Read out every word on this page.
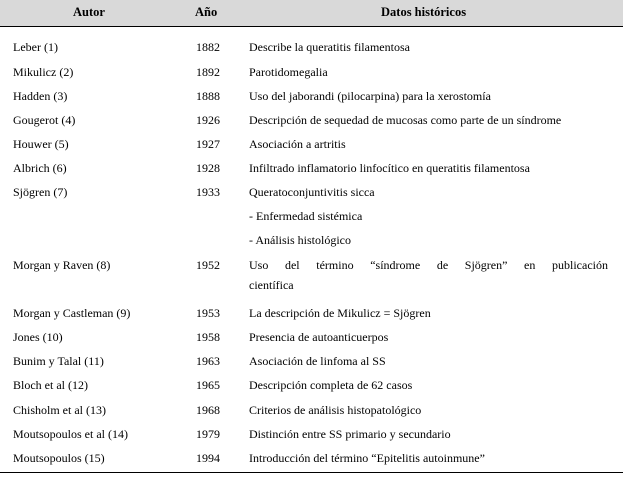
Autor	Año	Datos históricos
Leber (1)	1882 Describe la queratitis filamentosa
Mikulicz (2)	1892 Parotidomegalia
Hadden (3)	1888 Uso del jaborandi (pilocarpina) para la xerostomía
Gougerot (4)	1926 Descripción de sequedad de mucosas como parte de un síndrome
Houwer (5)	1927 Asociación a artritis
Albrich (6)	1928 Infiltrado inflamatorio linfocítico en queratitis filamentosa
Sjögren (7)	1933 Queratoconjuntivitis sicca
- Enfermedad sistémica
- Análisis histológico
Morgan y Raven (8)	1952 Uso del término “síndrome de Sjögren” en publicación
científica
Morgan y Castleman (9)	1953 La descripción de Mikulicz = Sjögren
Jones (10)	1958 Presencia de autoanticuerpos
Bunim y Talal (11)	1963 Asociación de linfoma al SS
Bloch et al (12)	1965 Descripción completa de 62 casos
Chisholm et al (13)	1968 Criterios de análisis histopatológico
Moutsopoulos et al (14)	1979 Distinción entre SS primario y secundario
Moutsopoulos (15)	1994 Introducción del término “Epitelitis autoinmune”
